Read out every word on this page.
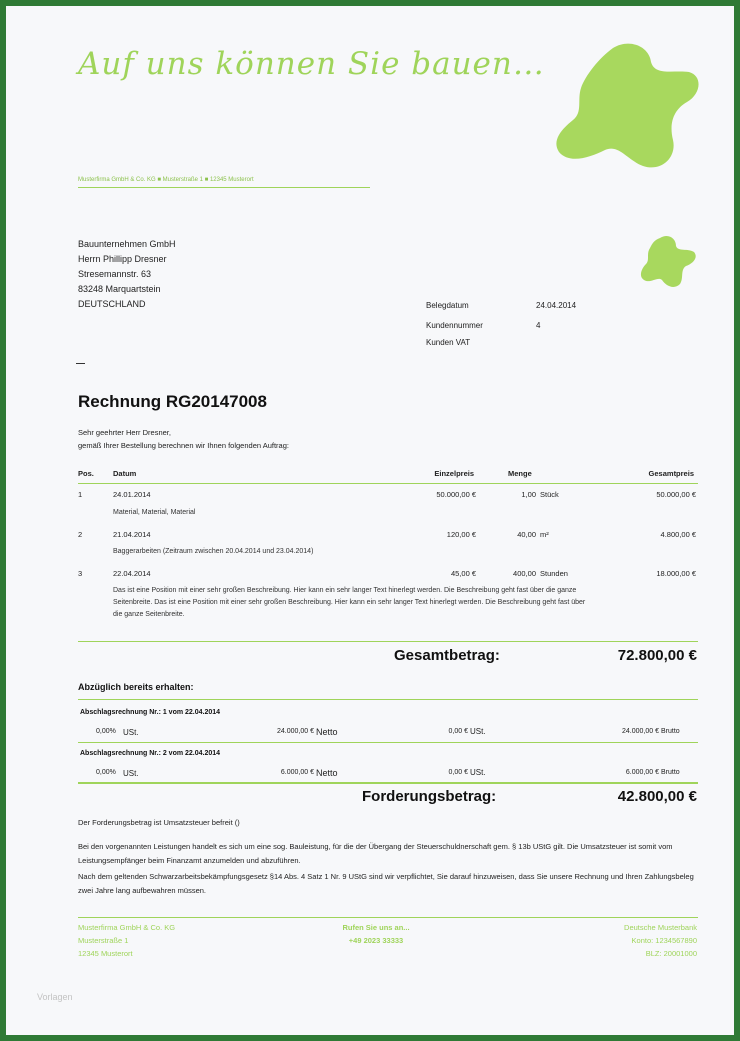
Auf uns können Sie bauen…
Musterfirma GmbH & Co. KG ■ Musterstraße 1 ■ 12345 Musterort
Bauunternehmen GmbH
Herrn Phillipp Dresner
Stresemannstr. 63
83248 Marquartstein
DEUTSCHLAND	Belegdatum	24.04.2014
Kundennummer	4
Kunden VAT
Rechnung RG20147008
Sehr geehrter Herr Dresner,
gemäß Ihrer Bestellung berechnen wir Ihnen folgenden Auftrag:
Pos.	Datum	Einzelpreis	Menge	Gesamtpreis
1	24.01.2014	50.000,00 €	1,00 Stück	50.000,00 €
Material, Material, Material
2	21.04.2014	120,00 €	40,00 m²	4.800,00 €
Baggerarbeiten (Zeitraum zwischen 20.04.2014 und 23.04.2014)
3	22.04.2014	45,00 €	400,00 Stunden	18.000,00 €
Das ist eine Position mit einer sehr großen Beschreibung. Hier kann ein sehr langer Text hinerlegt werden. Die Beschreibung geht fast über die ganze Seitenbreite. Das ist eine Position mit einer sehr großen Beschreibung. Hier kann ein sehr langer Text hinerlegt werden. Die Beschreibung geht fast über die ganze Seitenbreite.
Gesamtbetrag:	72.800,00 €
Abzüglich bereits erhalten:
Abschlagsrechnung Nr.: 1 vom 22.04.2014
0,00% USt.	24.000,00 € Netto	0,00 € USt.	24.000,00 € Brutto
Abschlagsrechnung Nr.: 2 vom 22.04.2014
0,00% USt.	6.000,00 € Netto	0,00 € USt.	6.000,00 € Brutto
Forderungsbetrag:	42.800,00 €
Der Forderungsbetrag ist Umsatzsteuer befreit ()
Bei den vorgenannten Leistungen handelt es sich um eine sog. Bauleistung, für die der Übergang der Steuerschuldnerschaft gem. § 13b UStG gilt. Die Umsatzsteuer ist somit vom Leistungsempfänger beim Finanzamt anzumelden und abzuführen.
Nach dem geltenden Schwarzarbeitsbekämpfungsgesetz §14 Abs. 4 Satz 1 Nr. 9 UStG sind wir verpflichtet, Sie darauf hinzuweisen, dass Sie unsere Rechnung und Ihren Zahlungsbeleg zwei Jahre lang aufbewahren müssen.
Musterfirma GmbH & Co. KG
Musterstraße 1
12345 Musterort
Rufen Sie uns an...
+49 2023 33333
Deutsche Musterbank
Konto: 1234567890
BLZ: 20001000
Vorlagen
